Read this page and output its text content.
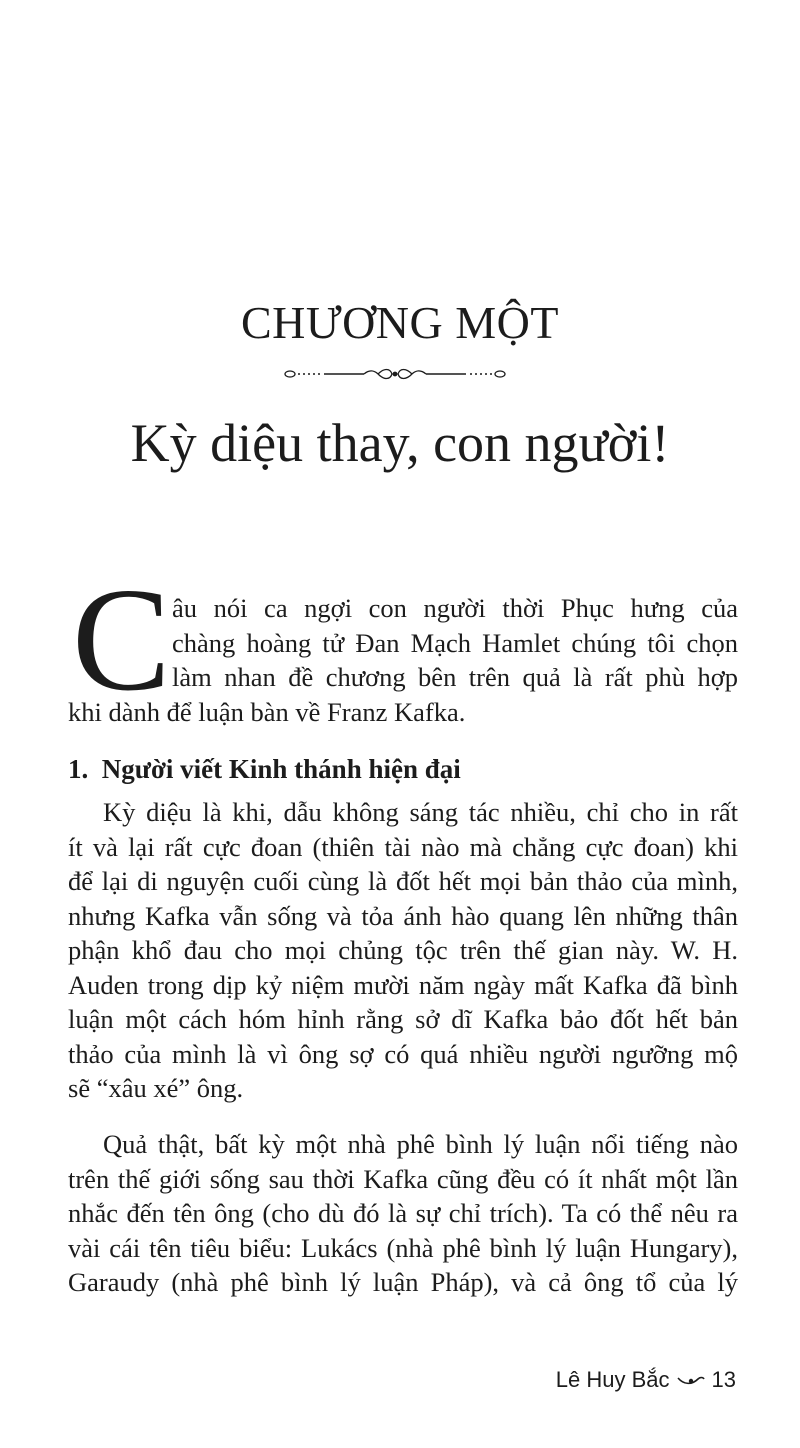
CHƯƠNG MỘT
Kỳ diệu thay, con người!
C âu nói ca ngợi con người thời Phục hưng của
chàng hoàng tử Đan Mạch Hamlet chúng tôi chọn
làm nhan đề chương bên trên quả là rất phù hợp
khi dành để luận bàn về Franz Kafka.
1.  Người viết Kinh thánh hiện đại
Kỳ diệu là khi, dẫu không sáng tác nhiều, chỉ cho in rất
ít và lại rất cực đoan (thiên tài nào mà chẳng cực đoan) khi
để lại di nguyện cuối cùng là đốt hết mọi bản thảo của mình,
nhưng Kafka vẫn sống và tỏa ánh hào quang lên những thân
phận khổ đau cho mọi chủng tộc trên thế gian này. W. H.
Auden trong dịp kỷ niệm mười năm ngày mất Kafka đã bình
luận một cách hóm hỉnh rằng sở dĩ Kafka bảo đốt hết bản
thảo của mình là vì ông sợ có quá nhiều người ngưỡng mộ
sẽ “xâu xé” ông.
Quả thật, bất kỳ một nhà phê bình lý luận nổi tiếng nào
trên thế giới sống sau thời Kafka cũng đều có ít nhất một lần
nhắc đến tên ông (cho dù đó là sự chỉ trích). Ta có thể nêu ra
vài cái tên tiêu biểu: Lukács (nhà phê bình lý luận Hungary),
Garaudy (nhà phê bình lý luận Pháp), và cả ông tổ của lý
Lê Huy Bắc 13
